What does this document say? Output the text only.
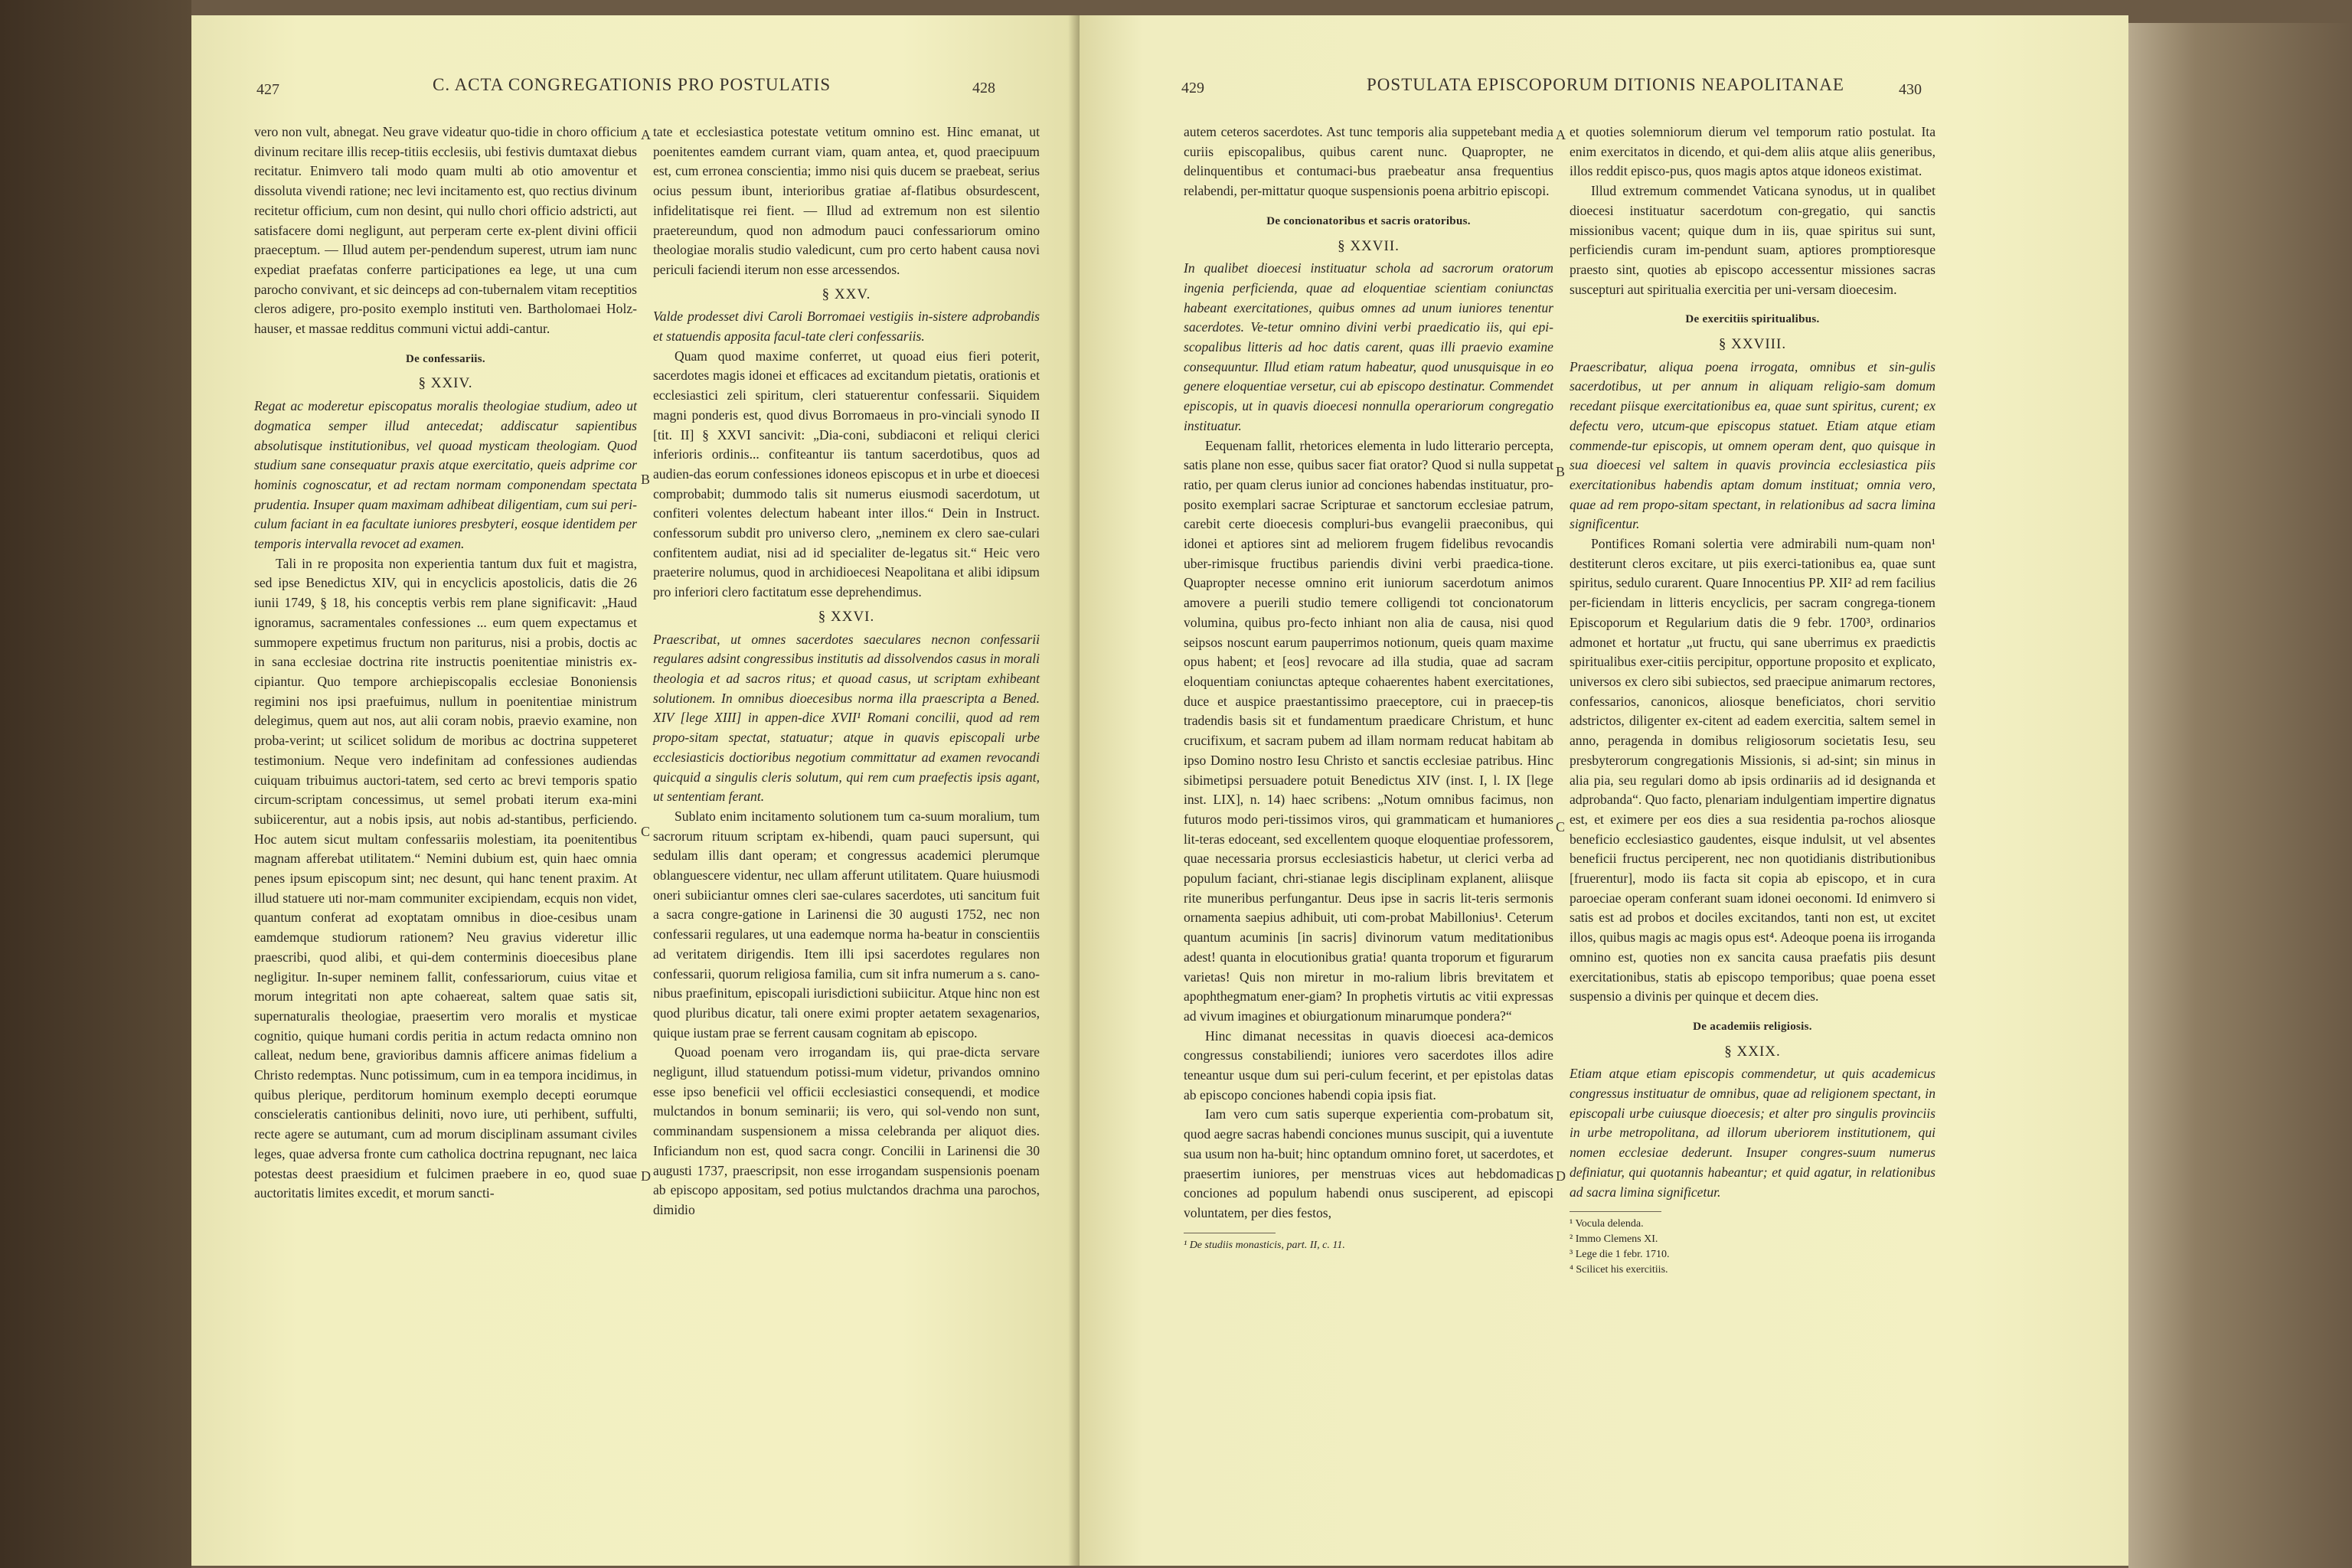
427	C. ACTA CONGREGATIONIS PRO POSTULATIS	428

vero non vult, abnegat. Neu grave videatur quo-tidie in choro officium divinum recitare illis recep-titiis ecclesiis, ubi festivis dumtaxat diebus recitatur. Enimvero tali modo quam multi ab otio amoventur et dissoluta vivendi ratione; nec levi incitamento est, quo rectius divinum recitetur officium, cum non desint, qui nullo chori officio adstricti, aut satisfacere domi negligunt, aut perperam certe ex-plent divini officii praeceptum. — Illud autem per-pendendum superest, utrum iam nunc expediat praefatas conferre participationes ea lege, ut una cum parocho convivant, et sic deinceps ad con-tubernalem vitam receptitios cleros adigere, pro-posito exemplo instituti ven. Bartholomaei Holz-hauser, et massae redditus communi victui addi-cantur.

De confessariis.
§ XXIV.

Regat ac moderetur episcopatus moralis theologiae studium, adeo ut dogmatica semper illud antecedat; addiscatur sapientibus absolutisque institutionibus, vel quoad mysticam theologiam. Quod studium sane consequatur praxis atque exercitatio, queis adprime cor hominis cognoscatur, et ad rectam normam componendam spectata prudentia. Insuper quam maximam adhibeat diligentiam, cum sui peri-culum faciant in ea facultate iuniores presbyteri, eosque identidem per temporis intervalla revocet ad examen.

Tali in re proposita non experientia tantum dux fuit et magistra, sed ipse Benedictus XIV, qui in encyclicis apostolicis, datis die 26 iunii 1749, § 18, his conceptis verbis rem plane significavit: „Haud ignoramus, sacramentales confessiones ... eum quem expectamus et summopere expetimus fructum non pariturus, nisi a probis, doctis ac in sana ecclesiae doctrina rite instructis poenitentiae ministris ex-cipiantur. Quo tempore archiepiscopalis ecclesiae Bononiensis regimini nos ipsi praefuimus, nullum in poenitentiae ministrum delegimus, quem aut nos, aut alii coram nobis, praevio examine, non proba-verint; ut scilicet solidum de moribus ac doctrina suppeteret testimonium. Neque vero indefinitam ad confessiones audiendas cuiquam tribuimus auctori-tatem, sed certo ac brevi temporis spatio circum-scriptam concessimus, ut semel probati iterum exa-mini subiicerentur, aut a nobis ipsis, aut nobis ad-stantibus, perficiendo. Hoc autem sicut multam confessariis molestiam, ita poenitentibus magnam afferebat utilitatem.“ Nemini dubium est, quin haec omnia penes ipsum episcopum sint; nec desunt, qui hanc tenent praxim. At illud statuere uti nor-mam communiter excipiendam, ecquis non videt, quantum conferat ad exoptatam omnibus in dioe-cesibus unam eamdemque studiorum rationem? Neu gravius videretur illic praescribi, quod alibi, et qui-dem conterminis dioecesibus plane negligitur. In-super neminem fallit, confessariorum, cuius vitae et morum integritati non apte cohaereat, saltem quae satis sit, supernaturalis theologiae, praesertim vero moralis et mysticae cognitio, quique humani cordis peritia in actum redacta omnino non calleat, nedum bene, gravioribus damnis afficere animas fidelium a Christo redemptas. Nunc potissimum, cum in ea tempora incidimus, in quibus plerique, perditorum hominum exemplo decepti eorumque conscieleratis cantionibus deliniti, novo iure, uti perhibent, suffulti, recte agere se autumant, cum ad morum disciplinam assumant civiles leges, quae adversa fronte cum catholica doctrina repugnant, nec laica potestas deest praesidium et fulcimen praebere in eo, quod suae auctoritatis limites excedit, et morum sancti-

A
B
C
D

tate et ecclesiastica potestate vetitum omnino est. Hinc emanat, ut poenitentes eamdem currant viam, quam antea, et, quod praecipuum est, cum erronea conscientia; immo nisi quis ducem se praebeat, serius ocius pessum ibunt, interioribus gratiae af-flatibus obsurdescent, infidelitatisque rei fient. — Illud ad extremum non est silentio praetereundum, quod non admodum pauci confessariorum omino theologiae moralis studio valedicunt, cum pro certo habent causa novi periculi faciendi iterum non esse arcessendos.

§ XXV.

Valde prodesset divi Caroli Borromaei vestigiis in-sistere adprobandis et statuendis apposita facul-tate cleri confessariis.

Quam quod maxime conferret, ut quoad eius fieri poterit, sacerdotes magis idonei et efficaces ad excitandum pietatis, orationis et ecclesiastici zeli spiritum, cleri statuerentur confessarii. Siquidem magni ponderis est, quod divus Borromaeus in pro-vinciali synodo II [tit. II] § XXVI sancivit: „Dia-coni, subdiaconi et reliqui clerici inferioris ordinis... confiteantur iis tantum sacerdotibus, quos ad audien-das eorum confessiones idoneos episcopus et in urbe et dioecesi comprobabit; dummodo talis sit numerus eiusmodi sacerdotum, ut confiteri volentes delectum habeant inter illos.“ Dein in Instruct. confessorum subdit pro universo clero, „neminem ex clero sae-culari confitentem audiat, nisi ad id specialiter de-legatus sit.“ Heic vero praeterire nolumus, quod in archidioecesi Neapolitana et alibi idipsum pro inferiori clero factitatum esse deprehendimus.

§ XXVI.

Praescribat, ut omnes sacerdotes saeculares necnon confessarii regulares adsint congressibus institutis ad dissolvendos casus in morali theologia et ad sacros ritus; et quoad casus, ut scriptam exhibeant solutionem. In omnibus dioecesibus norma illa praescripta a Bened. XIV [lege XIII] in appen-dice XVII¹ Romani concilii, quod ad rem propo-sitam spectat, statuatur; atque in quavis episcopali urbe ecclesiasticis doctioribus negotium committatur ad examen revocandi quicquid a singulis cleris solutum, qui rem cum praefectis ipsis agant, ut sententiam ferant.

Sublato enim incitamento solutionem tum ca-suum moralium, tum sacrorum rituum scriptam ex-hibendi, quam pauci supersunt, qui sedulam illis dant operam; et congressus academici plerumque oblanguescere videntur, nec ullam afferunt utilitatem. Quare huiusmodi oneri subiiciantur omnes cleri sae-culares sacerdotes, uti sancitum fuit a sacra congre-gatione in Larinensi die 30 augusti 1752, nec non confessarii regulares, ut una eademque norma ha-beatur in conscientiis ad veritatem dirigendis. Item illi ipsi sacerdotes regulares non confessarii, quorum religiosa familia, cum sit infra numerum a s. cano-nibus praefinitum, episcopali iurisdictioni subiicitur. Atque hinc non est quod pluribus dicatur, tali onere eximi propter aetatem sexagenarios, quique iustam prae se ferrent causam cognitam ab episcopo.

Quoad poenam vero irrogandam iis, qui prae-dicta servare negligunt, illud statuendum potissi-mum videtur, privandos omnino esse ipso beneficii vel officii ecclesiastici consequendi, et modice mulctandos in bonum seminarii; iis vero, qui sol-vendo non sunt, comminandam suspensionem a missa celebranda per aliquot dies. Inficiandum non est, quod sacra congr. Concilii in Larinensi die 30 augusti 1737, praescripsit, non esse irrogandam suspensionis poenam ab episcopo appositam, sed potius mulctandos drachma una parochos, dimidio

429	POSTULATA EPISCOPORUM DITIONIS NEAPOLITANAE	430

autem ceteros sacerdotes. Ast tunc temporis alia suppetebant media curiis episcopalibus, quibus carent nunc. Quapropter, ne delinquentibus et contumaci-bus praebeatur ansa frequentius relabendi, per-mittatur quoque suspensionis poena arbitrio episcopi.

De concionatoribus et sacris oratoribus.
§ XXVII.

In qualibet dioecesi instituatur schola ad sacrorum oratorum ingenia perficienda, quae ad eloquentiae scientiam coniunctas habeant exercitationes, quibus omnes ad unum iuniores tenentur sacerdotes. Ve-tetur omnino divini verbi praedicatio iis, qui epi-scopalibus litteris ad hoc datis carent, quas illi praevio examine consequuntur. Illud etiam ratum habeatur, quod unusquisque in eo genere eloquentiae versetur, cui ab episcopo destinatur. Commendet episcopis, ut in quavis dioecesi nonnulla operariorum congregatio instituatur.

Eequenam fallit, rhetorices elementa in ludo litterario percepta, satis plane non esse, quibus sacer fiat orator? Quod si nulla suppetat ratio, per quam clerus iunior ad conciones habendas instituatur, pro-posito exemplari sacrae Scripturae et sanctorum ecclesiae patrum, carebit certe dioecesis compluri-bus evangelii praeconibus, qui idonei et aptiores sint ad meliorem frugem fidelibus revocandis uber-rimisque fructibus pariendis divini verbi praedica-tione. Quapropter necesse omnino erit iuniorum sacerdotum animos amovere a puerili studio temere colligendi tot concionatorum volumina, quibus pro-fecto inhiant non alia de causa, nisi quod seipsos noscunt earum pauperrimos notionum, queis quam maxime opus habent; et [eos] revocare ad illa studia, quae ad sacram eloquentiam coniunctas apteque cohaerentes habent exercitationes, duce et auspice praestantissimo praeceptore, cui in praecep-tis tradendis basis sit et fundamentum praedicare Christum, et hunc crucifixum, et sacram pubem ad illam normam reducat habitam ab ipso Domino nostro Iesu Christo et sanctis ecclesiae patribus. Hinc sibimetipsi persuadere potuit Benedictus XIV (inst. I, l. IX [lege inst. LIX], n. 14) haec scribens: „Notum omnibus facimus, non futuros modo peri-tissimos viros, qui grammaticam et humaniores lit-teras edoceant, sed excellentem quoque eloquentiae professorem, quae necessaria prorsus ecclesiasticis habetur, ut clerici verba ad populum faciant, chri-stianae legis disciplinam explanent, aliisque rite muneribus perfungantur. Deus ipse in sacris lit-teris sermonis ornamenta saepius adhibuit, uti com-probat Mabillonius¹. Ceterum quantum acuminis [in sacris] divinorum vatum meditationibus adest! quanta in elocutionibus gratia! quanta troporum et figurarum varietas! Quis non miretur in mo-ralium libris brevitatem et apophthegmatum ener-giam? In prophetis virtutis ac vitii expressas ad vivum imagines et obiurgationum minarumque pondera?“

Hinc dimanat necessitas in quavis dioecesi aca-demicos congressus constabiliendi; iuniores vero sacerdotes illos adire teneantur usque dum sui peri-culum fecerint, et per epistolas datas ab episcopo conciones habendi copia ipsis fiat.

Iam vero cum satis superque experientia com-probatum sit, quod aegre sacras habendi conciones munus suscipit, qui a iuventute sua usum non ha-buit; hinc optandum omnino foret, ut sacerdotes, et praesertim iuniores, per menstruas vices aut hebdomadicas conciones ad populum habendi onus susciperent, ad episcopi voluntatem, per dies festos,

¹ De studiis monasticis, part. II, c. 11.

A
B
C
D

et quoties solemniorum dierum vel temporum ratio postulat. Ita enim exercitatos in dicendo, et qui-dem aliis atque aliis generibus, illos reddit episco-pus, quos magis aptos atque idoneos existimat.

Illud extremum commendet Vaticana synodus, ut in qualibet dioecesi instituatur sacerdotum con-gregatio, qui sanctis missionibus vacent; quique dum in iis, quae spiritus sui sunt, perficiendis curam im-pendunt suam, aptiores promptioresque praesto sint, quoties ab episcopo accessentur missiones sacras suscepturi aut spiritualia exercitia per uni-versam dioecesim.

De exercitiis spiritualibus.
§ XXVIII.

Praescribatur, aliqua poena irrogata, omnibus et sin-gulis sacerdotibus, ut per annum in aliquam religio-sam domum recedant piisque exercitationibus ea, quae sunt spiritus, curent; ex defectu vero, utcum-que episcopus statuet. Etiam atque etiam commende-tur episcopis, ut omnem operam dent, quo quisque in sua dioecesi vel saltem in quavis provincia ecclesiastica piis exercitationibus habendis aptam domum instituat; omnia vero, quae ad rem propo-sitam spectant, in relationibus ad sacra limina significentur.

Pontifices Romani solertia vere admirabili num-quam non¹ destiterunt cleros excitare, ut piis exerci-tationibus ea, quae sunt spiritus, sedulo curarent. Quare Innocentius PP. XII² ad rem facilius per-ficiendam in litteris encyclicis, per sacram congrega-tionem Episcoporum et Regularium datis die 9 febr. 1700³, ordinarios admonet et hortatur „ut fructu, qui sane uberrimus ex praedictis spiritualibus exer-citiis percipitur, opportune proposito et explicato, universos ex clero sibi subiectos, sed praecipue animarum rectores, confessarios, canonicos, aliosque beneficiatos, chori servitio adstrictos, diligenter ex-citent ad eadem exercitia, saltem semel in anno, peragenda in domibus religiosorum societatis Iesu, seu presbyterorum congregationis Missionis, si ad-sint; sin minus in alia pia, seu regulari domo ab ipsis ordinariis ad id designanda et adprobanda“. Quo facto, plenariam indulgentiam impertire dignatus est, et eximere per eos dies a sua residentia pa-rochos aliosque beneficio ecclesiastico gaudentes, eisque indulsit, ut vel absentes beneficii fructus perciperent, nec non quotidianis distributionibus [fruerentur], modo iis facta sit copia ab episcopo, et in cura paroeciae operam conferant suam idonei oeconomi. Id enimvero si satis est ad probos et dociles excitandos, tanti non est, ut excitet illos, quibus magis ac magis opus est⁴. Adeoque poena iis irroganda omnino est, quoties non ex sancita causa praefatis piis desunt exercitationibus, statis ab episcopo temporibus; quae poena esset suspensio a divinis per quinque et decem dies.

De academiis religiosis.
§ XXIX.

Etiam atque etiam episcopis commendetur, ut quis academicus congressus instituatur de omnibus, quae ad religionem spectant, in episcopali urbe cuiusque dioecesis; et alter pro singulis provinciis in urbe metropolitana, ad illorum uberiorem institutionem, qui nomen ecclesiae dederunt. Insuper congres-suum numerus definiatur, qui quotannis habeantur; et quid agatur, in relationibus ad sacra limina significetur.

¹ Vocula delenda.

² Immo Clemens XI.

³ Lege die 1 febr. 1710.

⁴ Scilicet his exercitiis.
